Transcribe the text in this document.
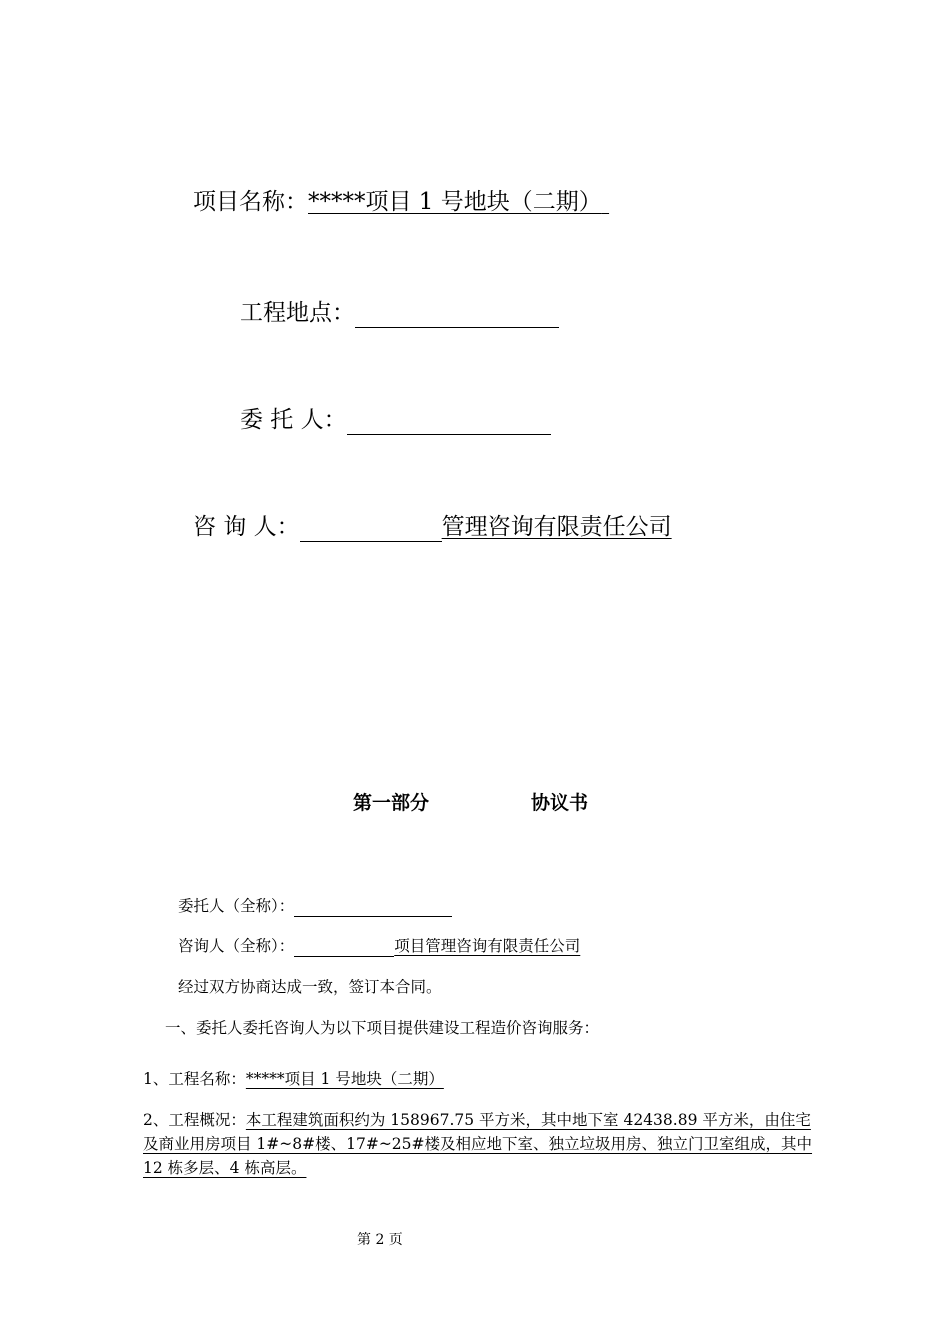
项目名称：*****项目 1 号地块（二期）
工程地点：
委 托 人：
咨 询 人：	管理咨询有限责任公司
第一部分	协议书
委托人（全称）：
咨询人（全称）：	项目管理咨询有限责任公司
经过双方协商达成一致，签订本合同。
一、委托人委托咨询人为以下项目提供建设工程造价咨询服务：
1、工程名称：*****项目 1 号地块（二期）
2、工程概况：本工程建筑面积约为 158967.75 平方米，其中地下室 42438.89 平方米，由住宅及商业用房项目 1#~8#楼、17#~25#楼及相应地下室、独立垃圾用房、独立门卫室组成，其中 12 栋多层、4 栋高层。
第 2 页
